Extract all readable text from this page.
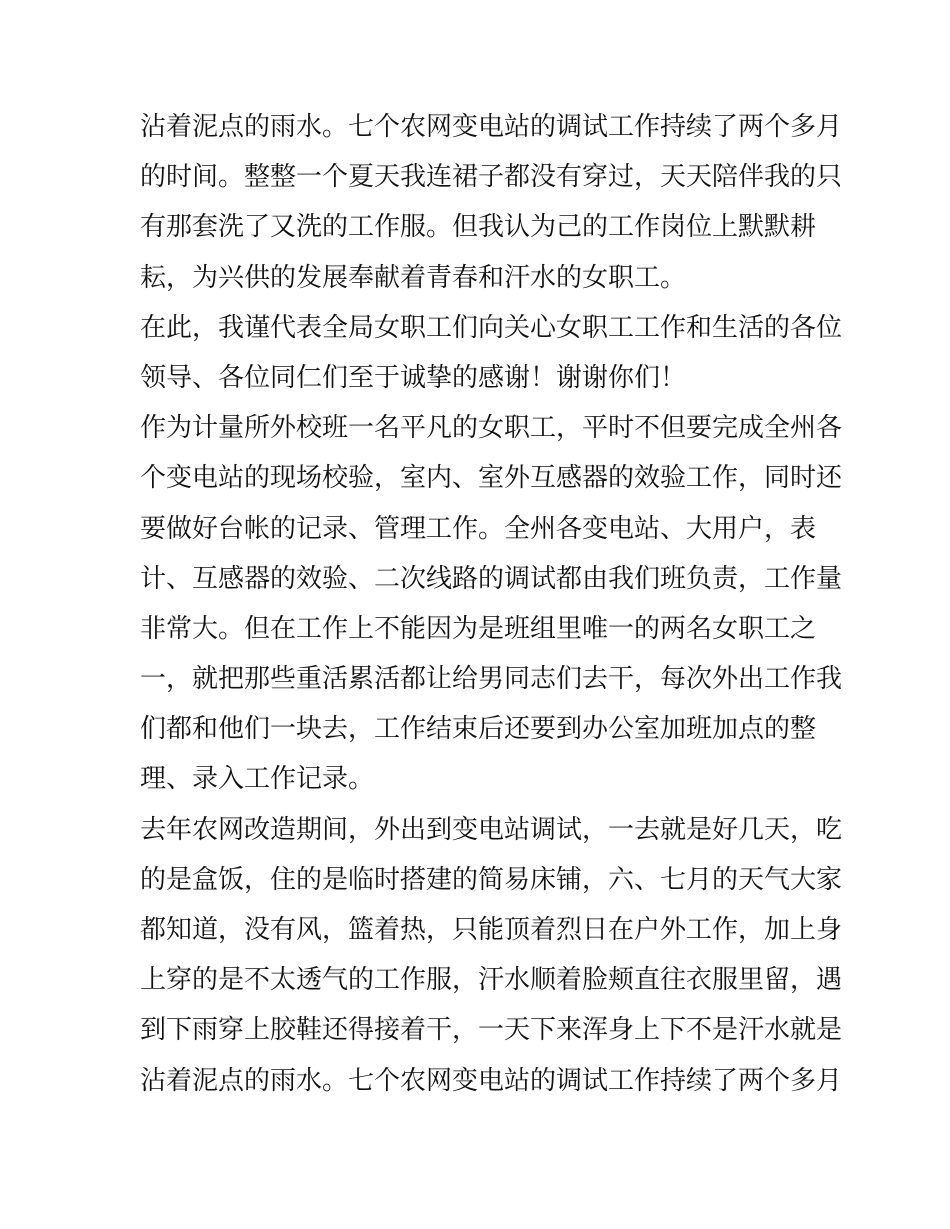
沾着泥点的雨水。七个农网变电站的调试工作持续了两个多月
的时间。整整一个夏天我连裙子都没有穿过，天天陪伴我的只
有那套洗了又洗的工作服。但我认为己的工作岗位上默默耕
耘，为兴供的发展奉献着青春和汗水的女职工。
在此，我谨代表全局女职工们向关心女职工工作和生活的各位
领导、各位同仁们至于诚挚的感谢！谢谢你们！
作为计量所外校班一名平凡的女职工，平时不但要完成全州各
个变电站的现场校验，室内、室外互感器的效验工作，同时还
要做好台帐的记录、管理工作。全州各变电站、大用户，表
计、互感器的效验、二次线路的调试都由我们班负责，工作量
非常大。但在工作上不能因为是班组里唯一的两名女职工之
一，就把那些重活累活都让给男同志们去干，每次外出工作我
们都和他们一块去，工作结束后还要到办公室加班加点的整
理、录入工作记录。
去年农网改造期间，外出到变电站调试，一去就是好几天，吃
的是盒饭，住的是临时搭建的简易床铺，六、七月的天气大家
都知道，没有风，篮着热，只能顶着烈日在户外工作，加上身
上穿的是不太透气的工作服，汗水顺着脸颊直往衣服里留，遇
到下雨穿上胶鞋还得接着干，一天下来浑身上下不是汗水就是
沾着泥点的雨水。七个农网变电站的调试工作持续了两个多月
